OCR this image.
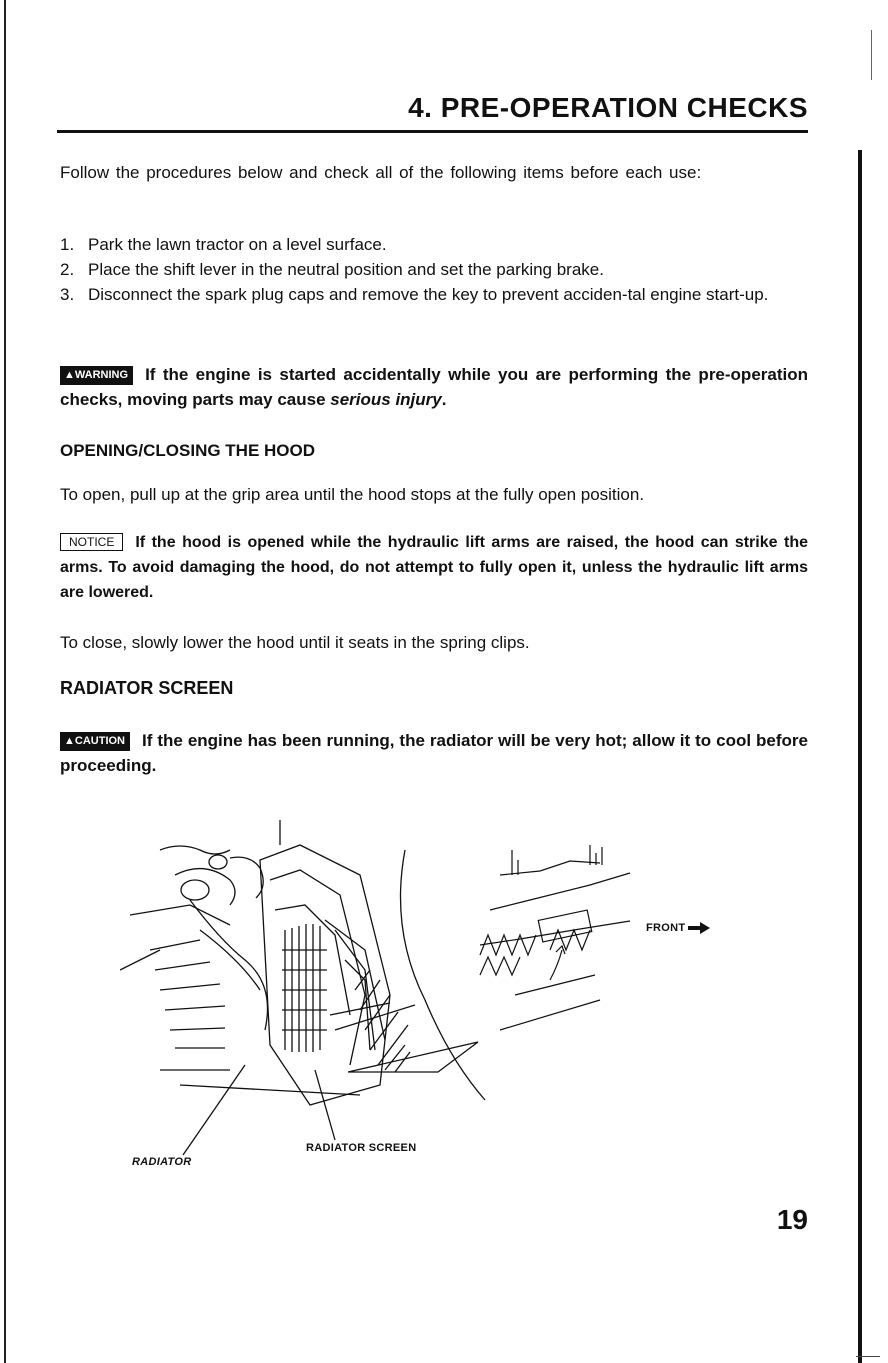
4. PRE-OPERATION CHECKS
Follow the procedures below and check all of the following items before each use:
1. Park the lawn tractor on a level surface.
2. Place the shift lever in the neutral position and set the parking brake.
3. Disconnect the spark plug caps and remove the key to prevent acciden-tal engine start-up.
▲WARNING If the engine is started accidentally while you are performing the pre-operation checks, moving parts may cause serious injury.
OPENING/CLOSING THE HOOD
To open, pull up at the grip area until the hood stops at the fully open position.
NOTICE If the hood is opened while the hydraulic lift arms are raised, the hood can strike the arms. To avoid damaging the hood, do not attempt to fully open it, unless the hydraulic lift arms are lowered.
To close, slowly lower the hood until it seats in the spring clips.
RADIATOR SCREEN
▲CAUTION If the engine has been running, the radiator will be very hot; allow it to cool before proceeding.
RADIATOR
RADIATOR SCREEN
FRONT
19
